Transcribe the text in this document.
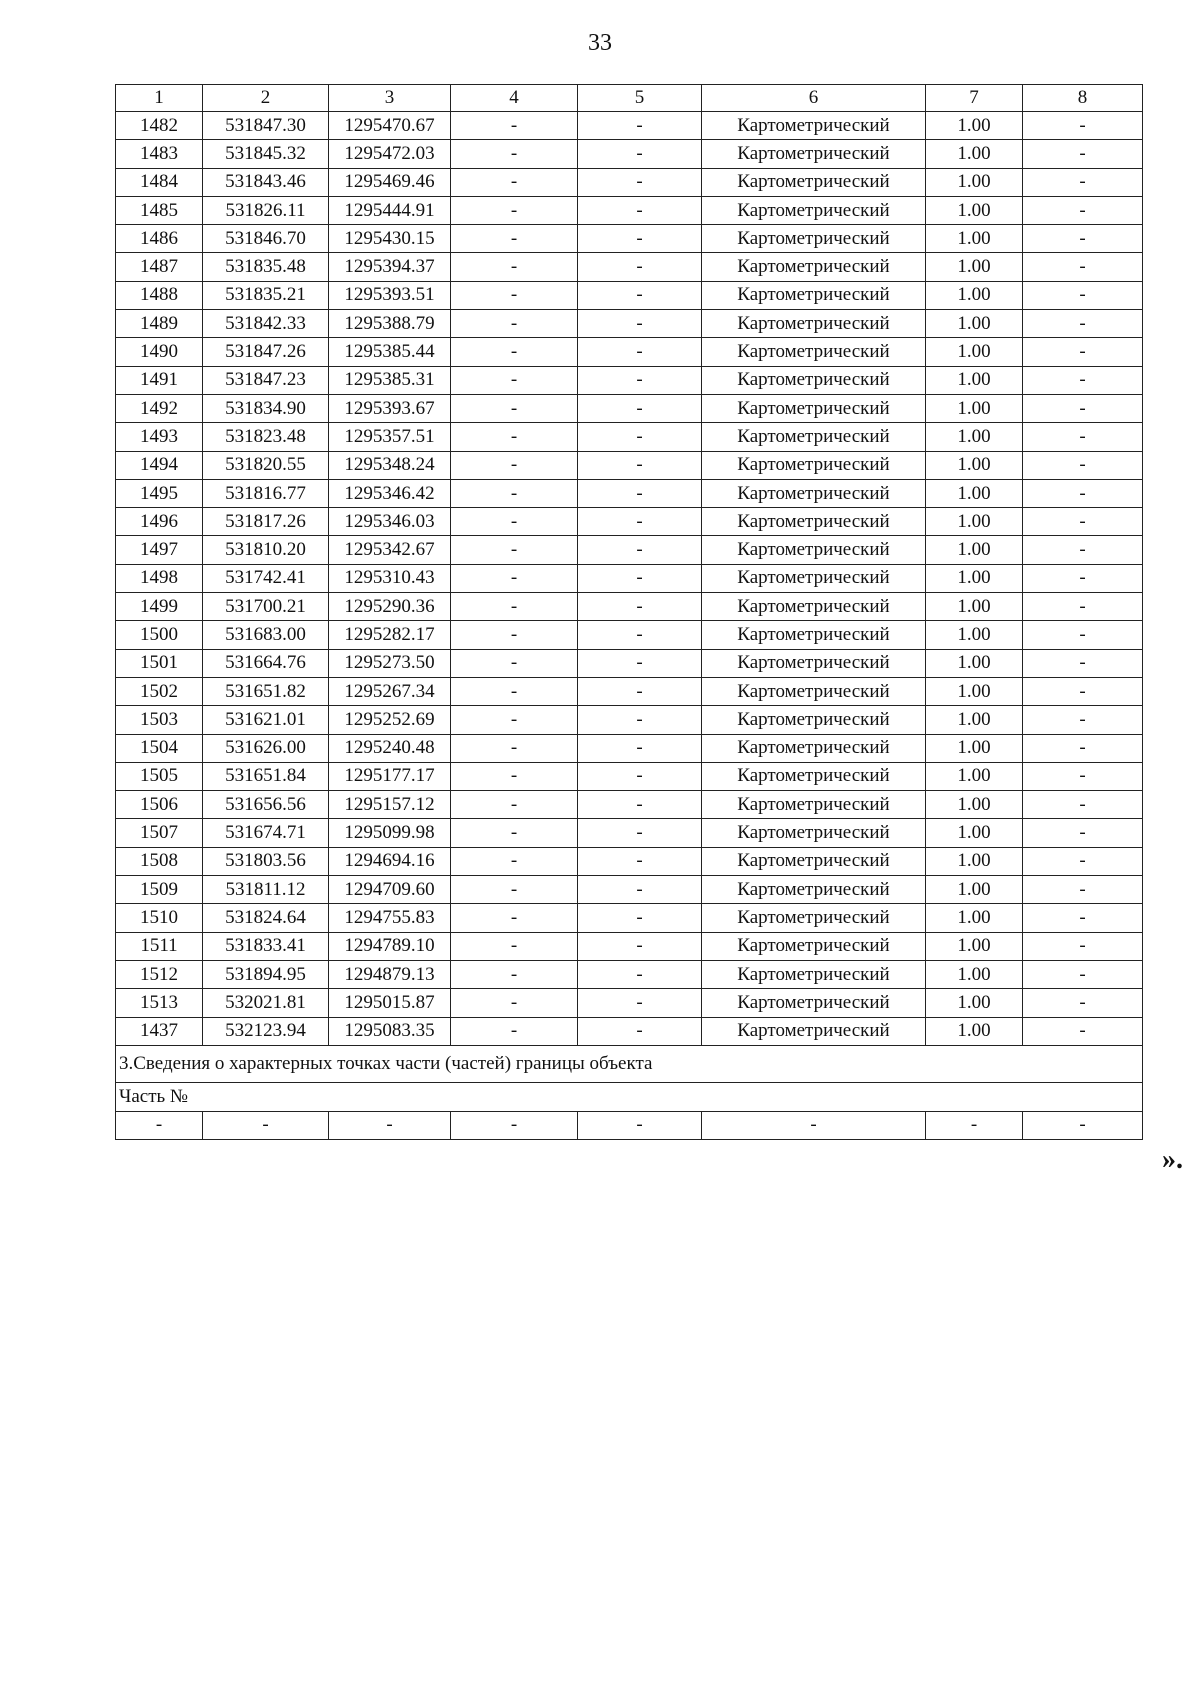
33
1	2	3	4	5	6	7	8
1482	531847.30	1295470.67	-	-	Картометрический	1.00	-
1483	531845.32	1295472.03	-	-	Картометрический	1.00	-
1484	531843.46	1295469.46	-	-	Картометрический	1.00	-
1485	531826.11	1295444.91	-	-	Картометрический	1.00	-
1486	531846.70	1295430.15	-	-	Картометрический	1.00	-
1487	531835.48	1295394.37	-	-	Картометрический	1.00	-
1488	531835.21	1295393.51	-	-	Картометрический	1.00	-
1489	531842.33	1295388.79	-	-	Картометрический	1.00	-
1490	531847.26	1295385.44	-	-	Картометрический	1.00	-
1491	531847.23	1295385.31	-	-	Картометрический	1.00	-
1492	531834.90	1295393.67	-	-	Картометрический	1.00	-
1493	531823.48	1295357.51	-	-	Картометрический	1.00	-
1494	531820.55	1295348.24	-	-	Картометрический	1.00	-
1495	531816.77	1295346.42	-	-	Картометрический	1.00	-
1496	531817.26	1295346.03	-	-	Картометрический	1.00	-
1497	531810.20	1295342.67	-	-	Картометрический	1.00	-
1498	531742.41	1295310.43	-	-	Картометрический	1.00	-
1499	531700.21	1295290.36	-	-	Картометрический	1.00	-
1500	531683.00	1295282.17	-	-	Картометрический	1.00	-
1501	531664.76	1295273.50	-	-	Картометрический	1.00	-
1502	531651.82	1295267.34	-	-	Картометрический	1.00	-
1503	531621.01	1295252.69	-	-	Картометрический	1.00	-
1504	531626.00	1295240.48	-	-	Картометрический	1.00	-
1505	531651.84	1295177.17	-	-	Картометрический	1.00	-
1506	531656.56	1295157.12	-	-	Картометрический	1.00	-
1507	531674.71	1295099.98	-	-	Картометрический	1.00	-
1508	531803.56	1294694.16	-	-	Картометрический	1.00	-
1509	531811.12	1294709.60	-	-	Картометрический	1.00	-
1510	531824.64	1294755.83	-	-	Картометрический	1.00	-
1511	531833.41	1294789.10	-	-	Картометрический	1.00	-
1512	531894.95	1294879.13	-	-	Картометрический	1.00	-
1513	532021.81	1295015.87	-	-	Картометрический	1.00	-
1437	532123.94	1295083.35	-	-	Картометрический	1.00	-
3.Сведения о характерных точках части (частей) границы объекта							
Часть №							
-	-	-	-	-	-	-	-
».
